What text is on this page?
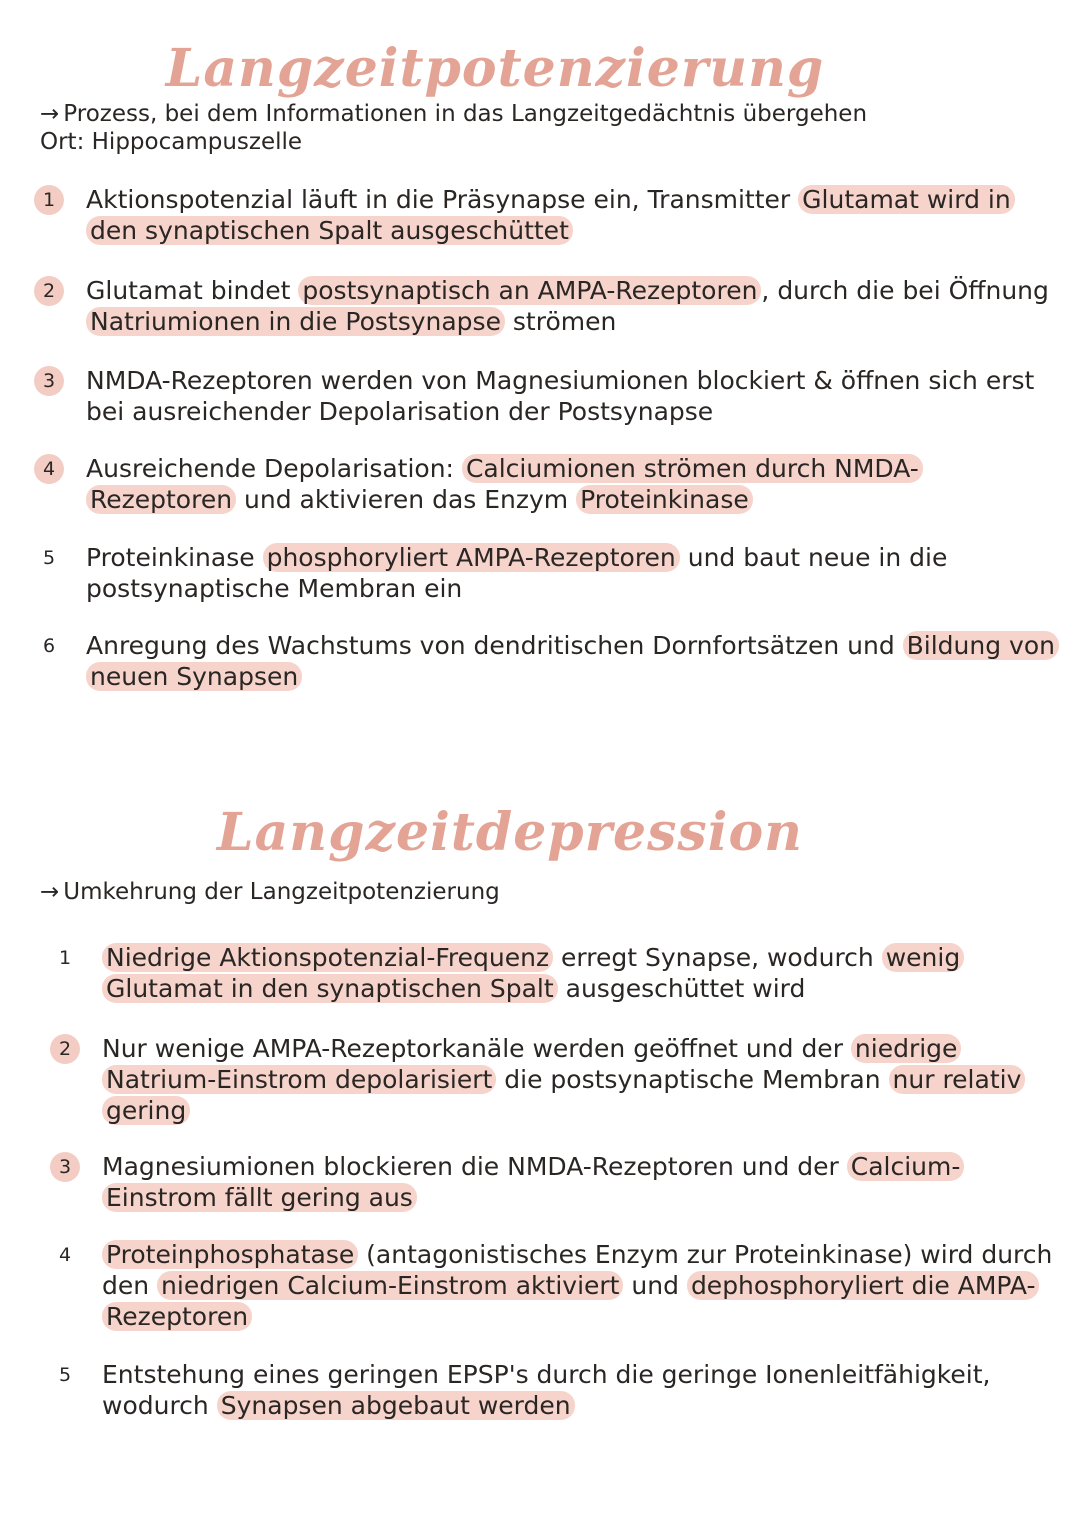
Langzeitpotenzierung
→ Prozess, bei dem Informationen in das Langzeitgedächtnis übergehen
Ort: Hippocampuszelle
1	Aktionspotenzial läuft in die Präsynapse ein, Transmitter Glutamat wird in den synaptischen Spalt ausgeschüttet
2	Glutamat bindet postsynaptisch an AMPA-Rezeptoren , durch die bei Öffnung Natriumionen in die Postsynapse strömen
3	NMDA-Rezeptoren werden von Magnesiumionen blockiert & öffnen sich erst bei ausreichender Depolarisation der Postsynapse
4	Ausreichende Depolarisation: Calciumionen strömen durch NMDA-Rezeptoren und aktivieren das Enzym Proteinkinase
5	Proteinkinase phosphoryliert AMPA-Rezeptoren und baut neue in die postsynaptische Membran ein
6	Anregung des Wachstums von dendritischen Dornfortsätzen und Bildung von neuen Synapsen
Langzeitdepression
→ Umkehrung der Langzeitpotenzierung
1	Niedrige Aktionspotenzial-Frequenz erregt Synapse, wodurch wenig Glutamat in den synaptischen Spalt ausgeschüttet wird
2	Nur wenige AMPA-Rezeptorkanäle werden geöffnet und der niedrige Natrium-Einstrom depolarisiert die postsynaptische Membran nur relativ gering
3	Magnesiumionen blockieren die NMDA-Rezeptoren und der Calcium-Einstrom fällt gering aus
4	Proteinphosphatase (antagonistisches Enzym zur Proteinkinase) wird durch den niedrigen Calcium-Einstrom aktiviert und dephosphoryliert die AMPA-Rezeptoren
5	Entstehung eines geringen EPSP's durch die geringe Ionenleitfähigkeit, wodurch Synapsen abgebaut werden
